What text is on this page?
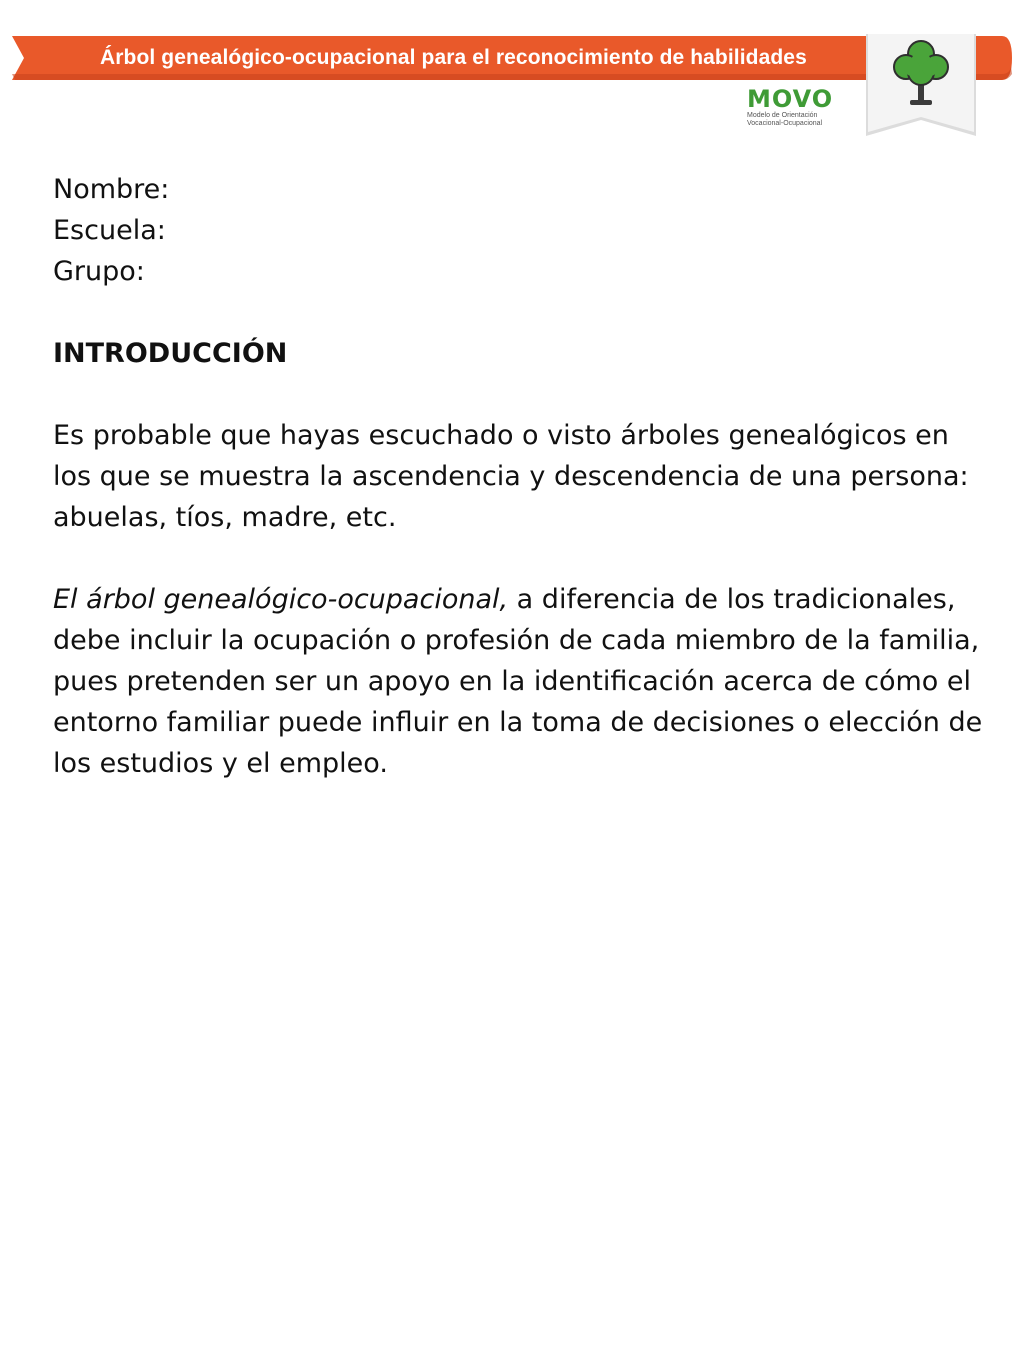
Árbol genealógico-ocupacional para el reconocimiento de habilidades
MOVO
Modelo de Orientación
Vocacional-Ocupacional

Nombre:

Escuela:

Grupo:

INTRODUCCIÓN

Es probable que hayas escuchado o visto árboles genealógicos en los que se muestra la ascendencia y descendencia de una persona: abuelas, tíos, madre, etc.

El árbol genealógico-ocupacional, a diferencia de los tradicionales, debe incluir la ocupación o profesión de cada miembro de la familia, pues pretenden ser un apoyo en la identificación acerca de cómo el entorno familiar puede influir en la toma de decisiones o elección de los estudios y el empleo.
